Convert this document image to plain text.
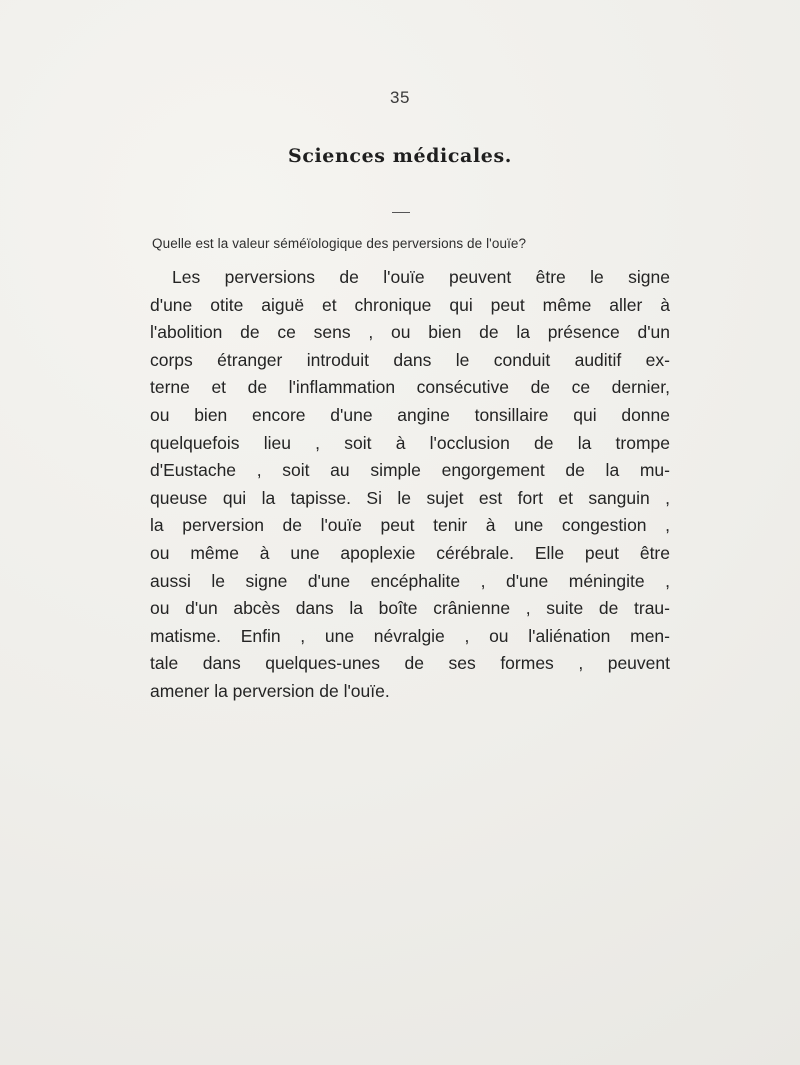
35
Sciences médicales.
Quelle est la valeur séméïologique des perversions de l'ouïe?
Les perversions de l'ouïe peuvent être le signe
d'une otite aiguë et chronique qui peut même aller à
l'abolition de ce sens , ou bien de la présence d'un
corps étranger introduit dans le conduit auditif ex-
terne et de l'inflammation consécutive de ce dernier,
ou bien encore d'une angine tonsillaire qui donne
quelquefois lieu , soit à l'occlusion de la trompe
d'Eustache , soit au simple engorgement de la mu-
queuse qui la tapisse. Si le sujet est fort et sanguin ,
la perversion de l'ouïe peut tenir à une congestion ,
ou même à une apoplexie cérébrale. Elle peut être
aussi le signe d'une encéphalite , d'une méningite ,
ou d'un abcès dans la boîte crânienne , suite de trau-
matisme. Enfin , une névralgie , ou l'aliénation men-
tale dans quelques-unes de ses formes , peuvent
amener la perversion de l'ouïe.
